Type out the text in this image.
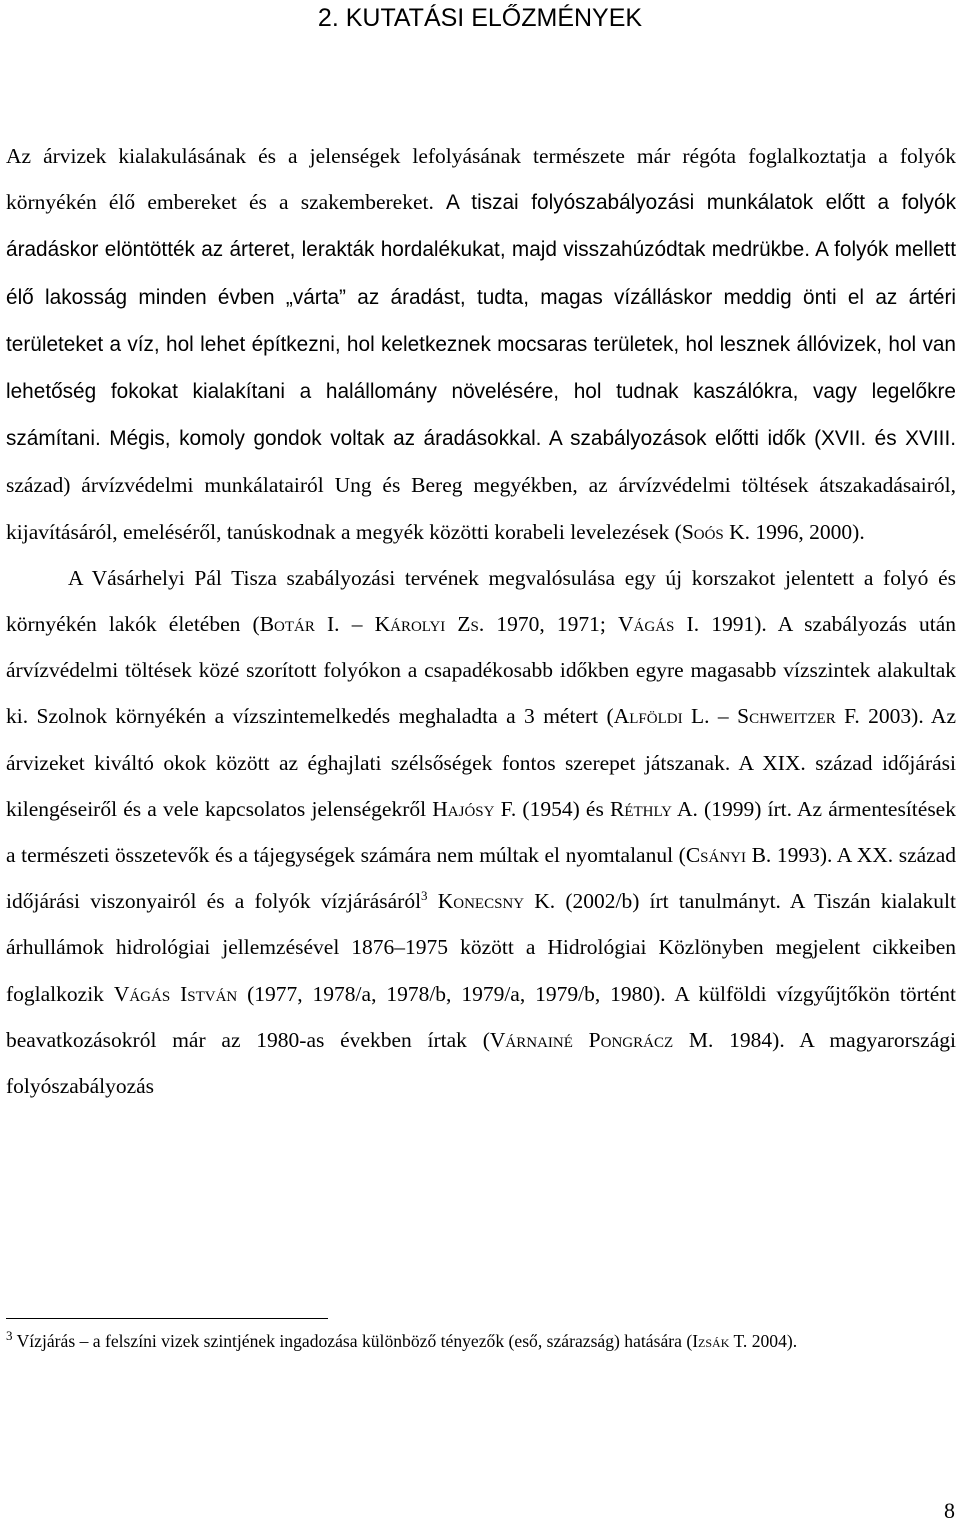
2. KUTATÁSI ELŐZMÉNYEK

Az árvizek kialakulásának és a jelenségek lefolyásának természete már régóta foglalkoztatja a folyók környékén élő embereket és a szakembereket. A tiszai folyószabályozási munkálatok előtt a folyók áradáskor elöntötték az árteret, lerakták hordalékukat, majd visszahúzódtak medrükbe. A folyók mellett élő lakosság minden évben „várta” az áradást, tudta, magas vízálláskor meddig önti el az ártéri területeket a víz, hol lehet építkezni, hol keletkeznek mocsaras területek, hol lesznek állóvizek, hol van lehetőség fokokat kialakítani a halállomány növelésére, hol tudnak kaszálókra, vagy legelőkre számítani. Mégis, komoly gondok voltak az áradásokkal. A szabályozások előtti idők (XVII. és XVIII. század) árvízvédelmi munkálatairól Ung és Bereg megyékben, az árvízvédelmi töltések átszakadásairól, kijavításáról, emeléséről, tanúskodnak a megyék közötti korabeli levelezések (Soós K. 1996, 2000).

A Vásárhelyi Pál Tisza szabályozási tervének megvalósulása egy új korszakot jelentett a folyó és környékén lakók életében (Botár I. – Károlyi Zs. 1970, 1971; Vágás I. 1991). A szabályozás után árvízvédelmi töltések közé szorított folyókon a csapadékosabb időkben egyre magasabb vízszintek alakultak ki. Szolnok környékén a vízszintemelkedés meghaladta a 3 métert (Alföldi L. – Schweitzer F. 2003). Az árvizeket kiváltó okok között az éghajlati szélsőségek fontos szerepet játszanak. A XIX. század időjárási kilengéseiről és a vele kapcsolatos jelenségekről Hajósy F. (1954) és Réthly A. (1999) írt. Az ármentesítések a természeti összetevők és a tájegységek számára nem múltak el nyomtalanul (Csányi B. 1993). A XX. század időjárási viszonyairól és a folyók vízjárásáról$^3$ Konecsny K. (2002/b) írt tanulmányt. A Tiszán kialakult árhullámok hidrológiai jellemzésével 1876–1975 között a Hidrológiai Közlönyben megjelent cikkeiben foglalkozik Vágás István (1977, 1978/a, 1978/b, 1979/a, 1979/b, 1980). A külföldi vízgyűjtőkön történt beavatkozásokról már az 1980-as években írtak (Várnainé Pongrácz M. 1984). A magyarországi folyószabályozás

$^3$ Vízjárás – a felszíni vizek szintjének ingadozása különböző tényezők (eső, szárazság) hatására (Izsák T. 2004).
8
